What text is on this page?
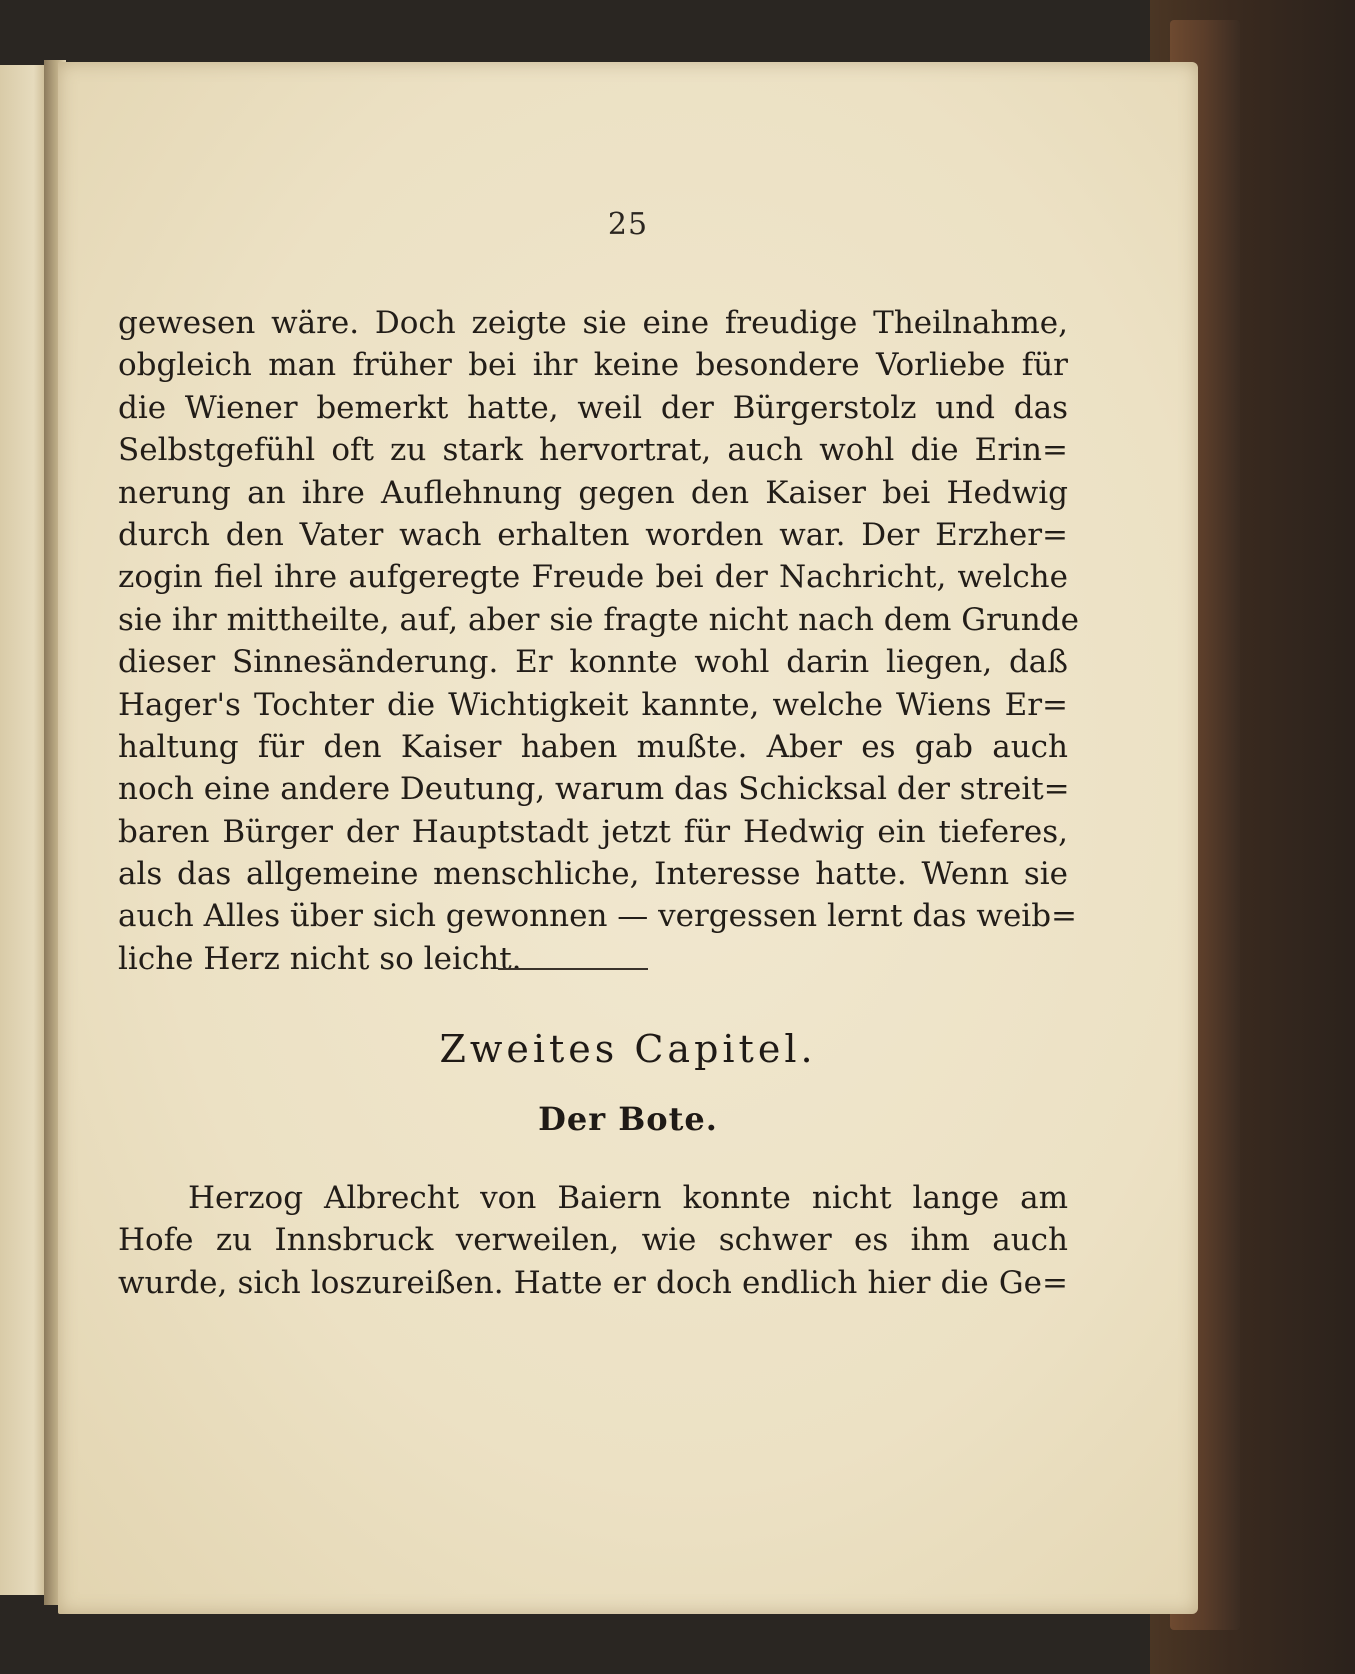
25
gewesen wäre. Doch zeigte sie eine freudige Theilnahme,
obgleich man früher bei ihr keine besondere Vorliebe für
die Wiener bemerkt hatte, weil der Bürgerstolz und das
Selbstgefühl oft zu stark hervortrat, auch wohl die Erin=
nerung an ihre Auflehnung gegen den Kaiser bei Hedwig
durch den Vater wach erhalten worden war. Der Erzher=
zogin fiel ihre aufgeregte Freude bei der Nachricht, welche
sie ihr mittheilte, auf, aber sie fragte nicht nach dem Grunde
dieser Sinnesänderung. Er konnte wohl darin liegen, daß
Hager's Tochter die Wichtigkeit kannte, welche Wiens Er=
haltung für den Kaiser haben mußte. Aber es gab auch
noch eine andere Deutung, warum das Schicksal der streit=
baren Bürger der Hauptstadt jetzt für Hedwig ein tieferes,
als das allgemeine menschliche, Interesse hatte. Wenn sie
auch Alles über sich gewonnen — vergessen lernt das weib=
liche Herz nicht so leicht.
Zweites Capitel.
Der Bote.
Herzog Albrecht von Baiern konnte nicht lange am
Hofe zu Innsbruck verweilen, wie schwer es ihm auch
wurde, sich loszureißen. Hatte er doch endlich hier die Ge=
